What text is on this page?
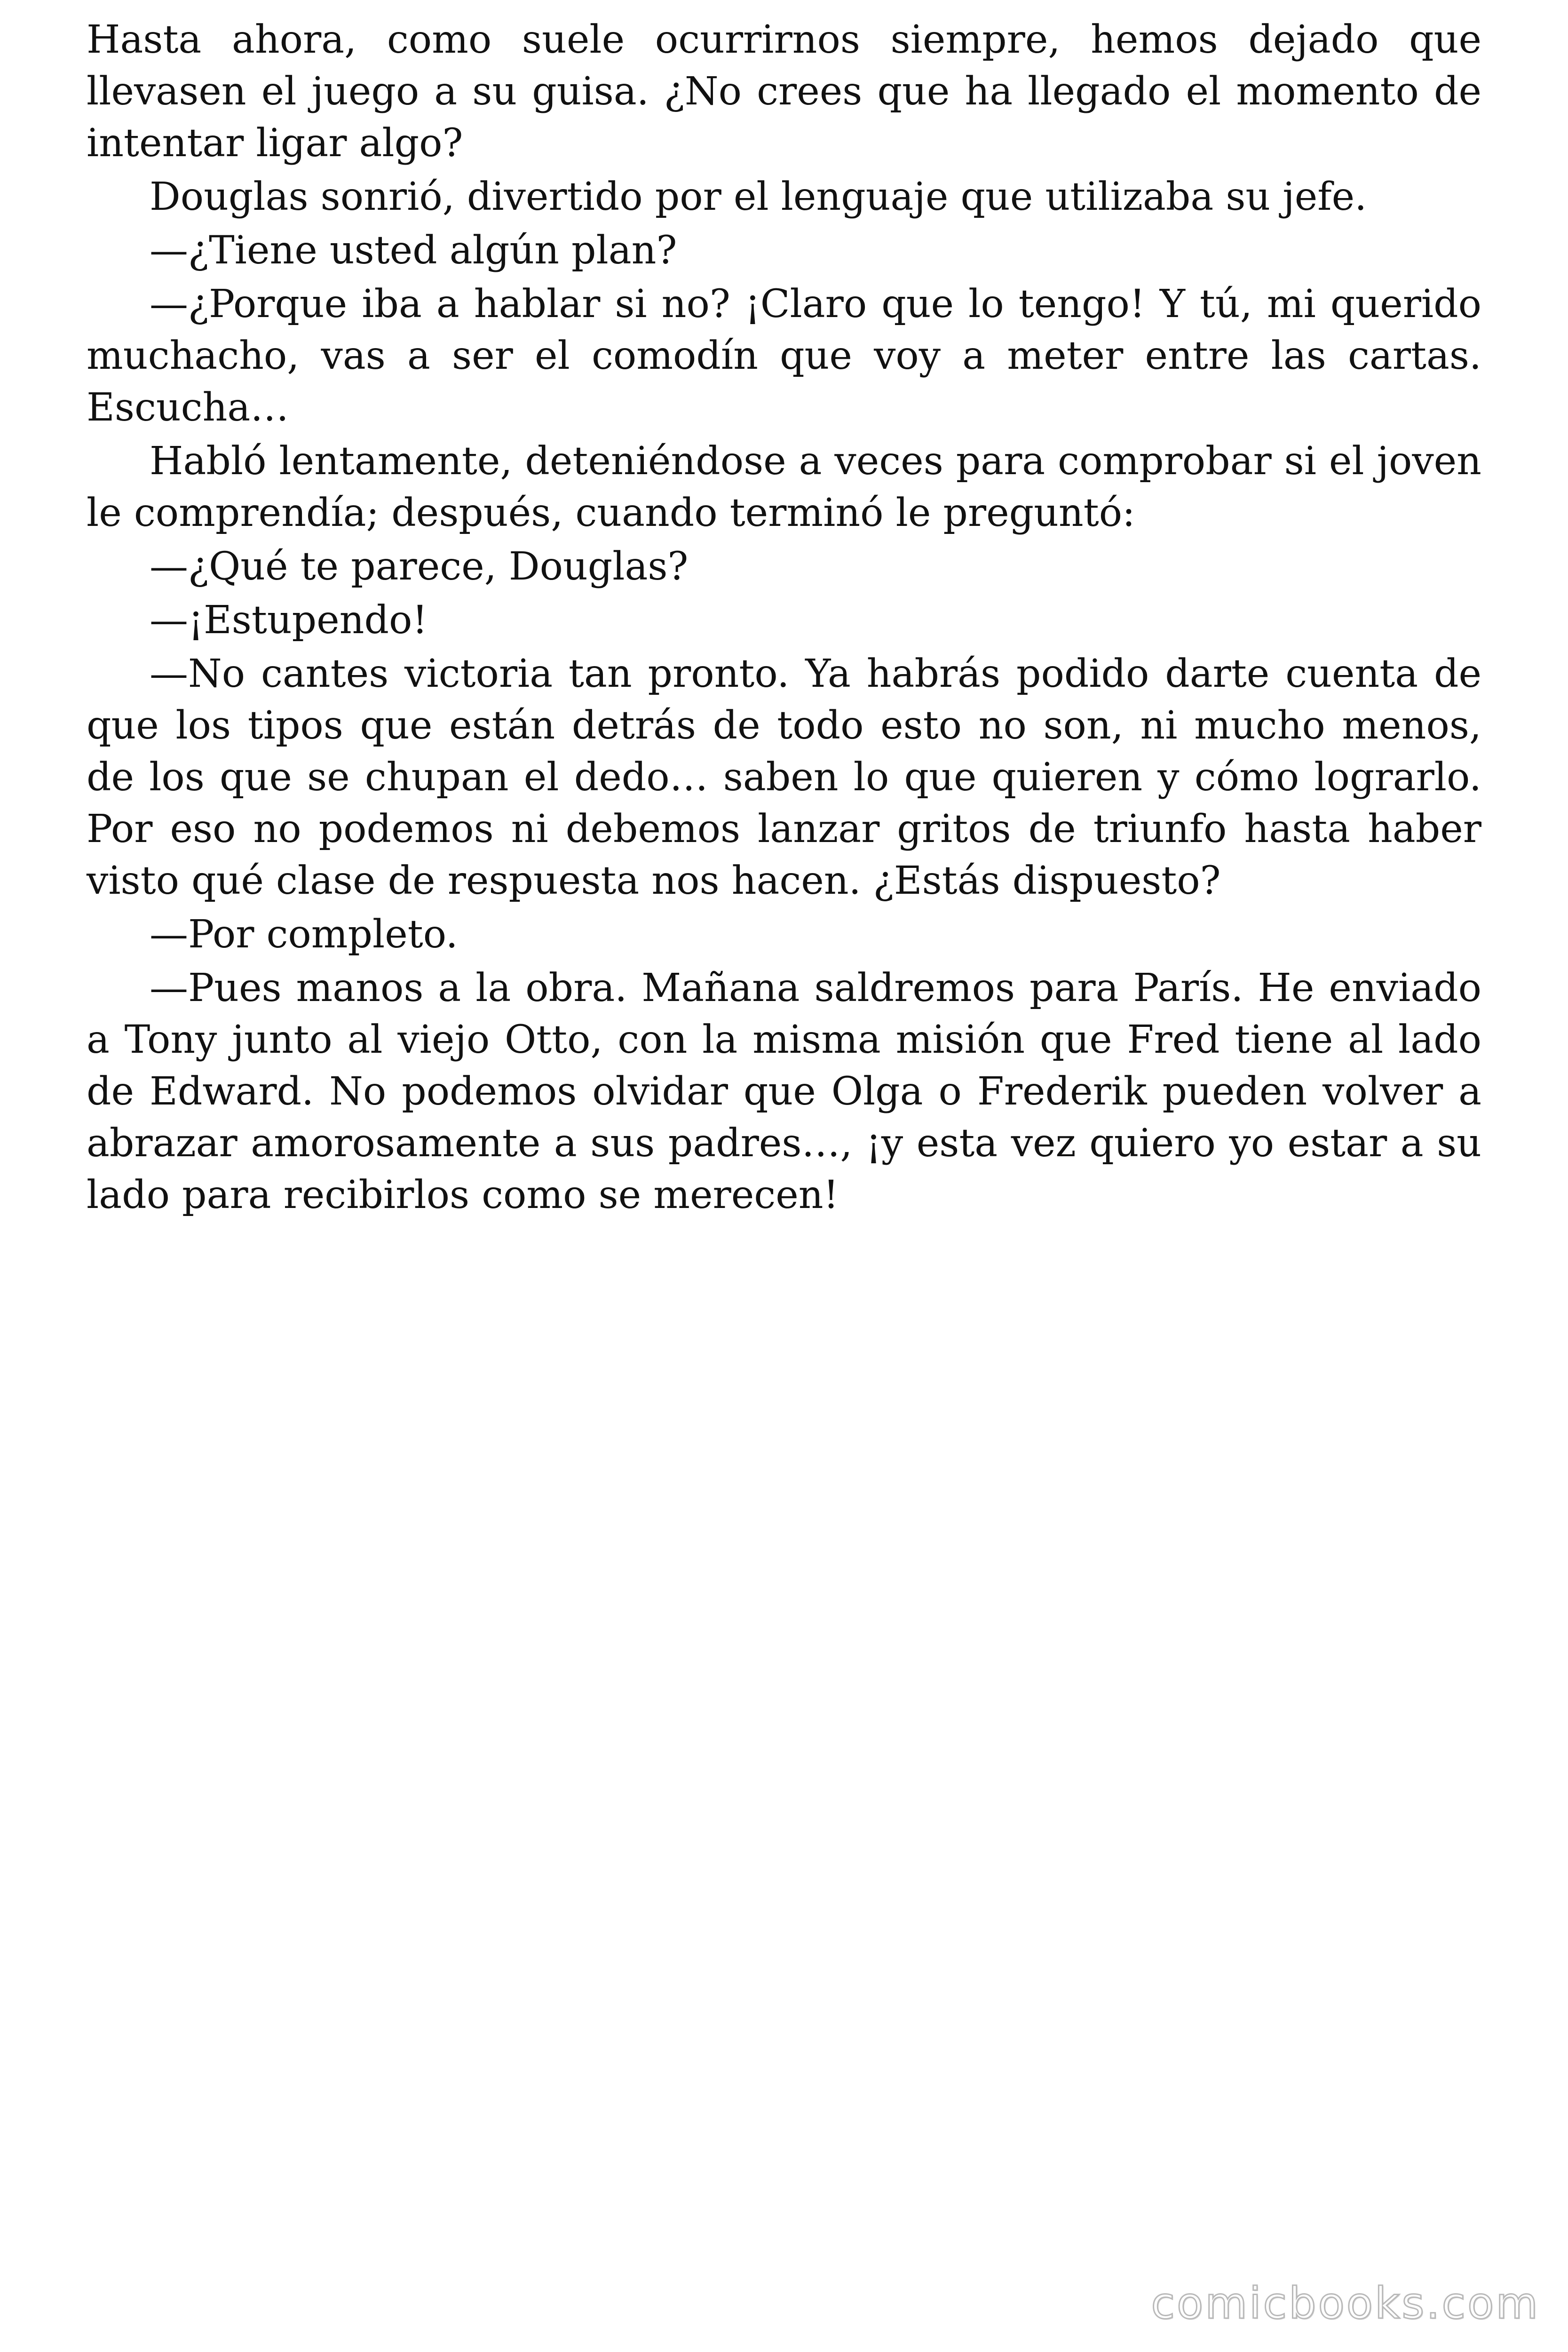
Hasta ahora, como suele ocurrirnos siempre, hemos dejado que llevasen el juego a su guisa. ¿No crees que ha llegado el momento de intentar ligar algo?

Douglas sonrió, divertido por el lenguaje que utilizaba su jefe.

—¿Tiene usted algún plan?

—¿Porque iba a hablar si no? ¡Claro que lo tengo! Y tú, mi querido muchacho, vas a ser el comodín que voy a meter entre las cartas. Escucha…

Habló lentamente, deteniéndose a veces para comprobar si el joven le comprendía; después, cuando terminó le preguntó:

—¿Qué te parece, Douglas?

—¡Estupendo!

—No cantes victoria tan pronto. Ya habrás podido darte cuenta de que los tipos que están detrás de todo esto no son, ni mucho menos, de los que se chupan el dedo… saben lo que quieren y cómo lograrlo. Por eso no podemos ni debemos lanzar gritos de triunfo hasta haber visto qué clase de respuesta nos hacen. ¿Estás dispuesto?

—Por completo.

—Pues manos a la obra. Mañana saldremos para París. He enviado a Tony junto al viejo Otto, con la misma misión que Fred tiene al lado de Edward. No podemos olvidar que Olga o Frederik pueden volver a abrazar amorosamente a sus padres…, ¡y esta vez quiero yo estar a su lado para recibirlos como se merecen!

comicbooks.com
